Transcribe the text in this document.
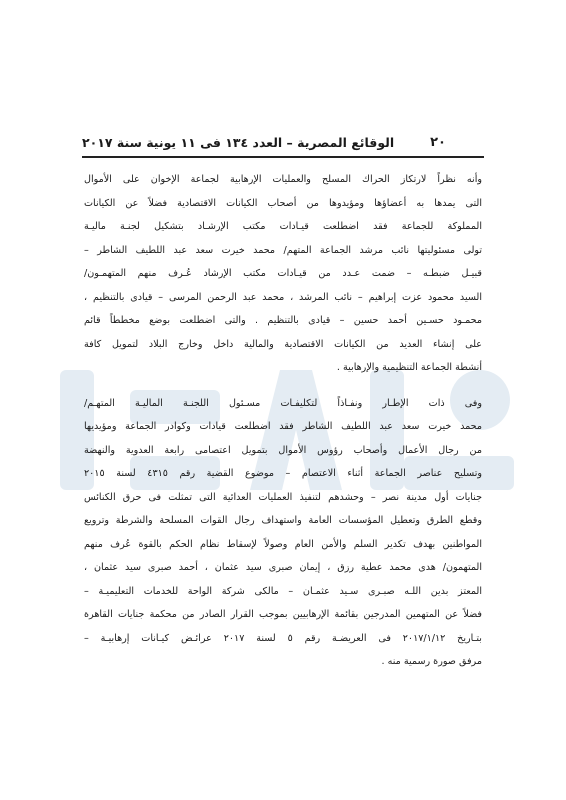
٢٠
الوقائع المصرية – العدد ١٣٤ فى ١١ يونية سنة ٢٠١٧

وأنه نظراً لارتكاز الحراك المسلح والعمليات الإرهابية لجماعة الإخوان على الأموال
التى يمدها به أعضاؤها ومؤيدوها من أصحاب الكيانات الاقتصادية فضلاً عن الكيانات
المملوكة للجماعة فقد اضطلعت قيـادات مكتب الإرشـاد بتشكيل لجنـة ماليـة
تولى مسئوليتها نائب مرشد الجماعة المتهم/ محمد خيرت سعد عبد اللطيف الشاطر –
قبيـل ضبطـه – ضمت عـدد من قيـادات مكتب الإرشاد عُـرف منهم المتهمـون/
السيد محمود عزت إبراهيم – نائب المرشد ، محمد عبد الرحمن المرسى – قيادى بالتنظيم ،
محمـود حسـين أحمد حسين – قيادى بالتنظيم . والتى اضطلعت بوضع مخططاً قائم
على إنشاء العديد من الكيانات الاقتصادية والمالية داخل وخارج البلاد لتمويل كافة
أنشطة الجماعة التنظيمية والإرهابية .

وفى ذات الإطـار ونفـاذاً لتكليفـات مسـئول اللجنـة الماليـة المتهـم/
محمد خيرت سعد عبد اللطيف الشاطر فقد اضطلعت قيادات وكوادر الجماعة ومؤيديها
من رجال الأعمال وأصحاب رؤوس الأموال بتمويل اعتصامى رابعة العدوية والنهضة
وتسليح عناصر الجماعة أثناء الاعتصام – موضوع القضية رقم ٤٣١٥ لسنة ٢٠١٥
جنايات أول مدينة نصر – وحشدهم لتنفيذ العمليات العدائية التى تمثلت فى حرق الكنائس
وقطع الطرق وتعطيل المؤسسات العامة واستهداف رجال القوات المسلحة والشرطة وترويع
المواطنين بهدف تكدير السلم والأمن العام وصولاً لإسقاط نظام الحكم بالقوة عُرف منهم
المتهمون/ هدى محمد عطية رزق ، إيمان صبرى سيد عثمان ، أحمد صبرى سيد عثمان ،
المعتز بدين اللـه صبـرى سـيد عثمـان – مالكى شركة الواحة للخدمات التعليميـة –
فضلاً عن المتهمين المدرجين بقائمة الإرهابيين بموجب القرار الصادر من محكمة جنايات القاهرة
بتـاريخ ٢٠١٧/١/١٢ فى العريضـة رقم ٥ لسنة ٢٠١٧ عرائـض كيـانات إرهابيـة –
مرفق صورة رسمية منه .
